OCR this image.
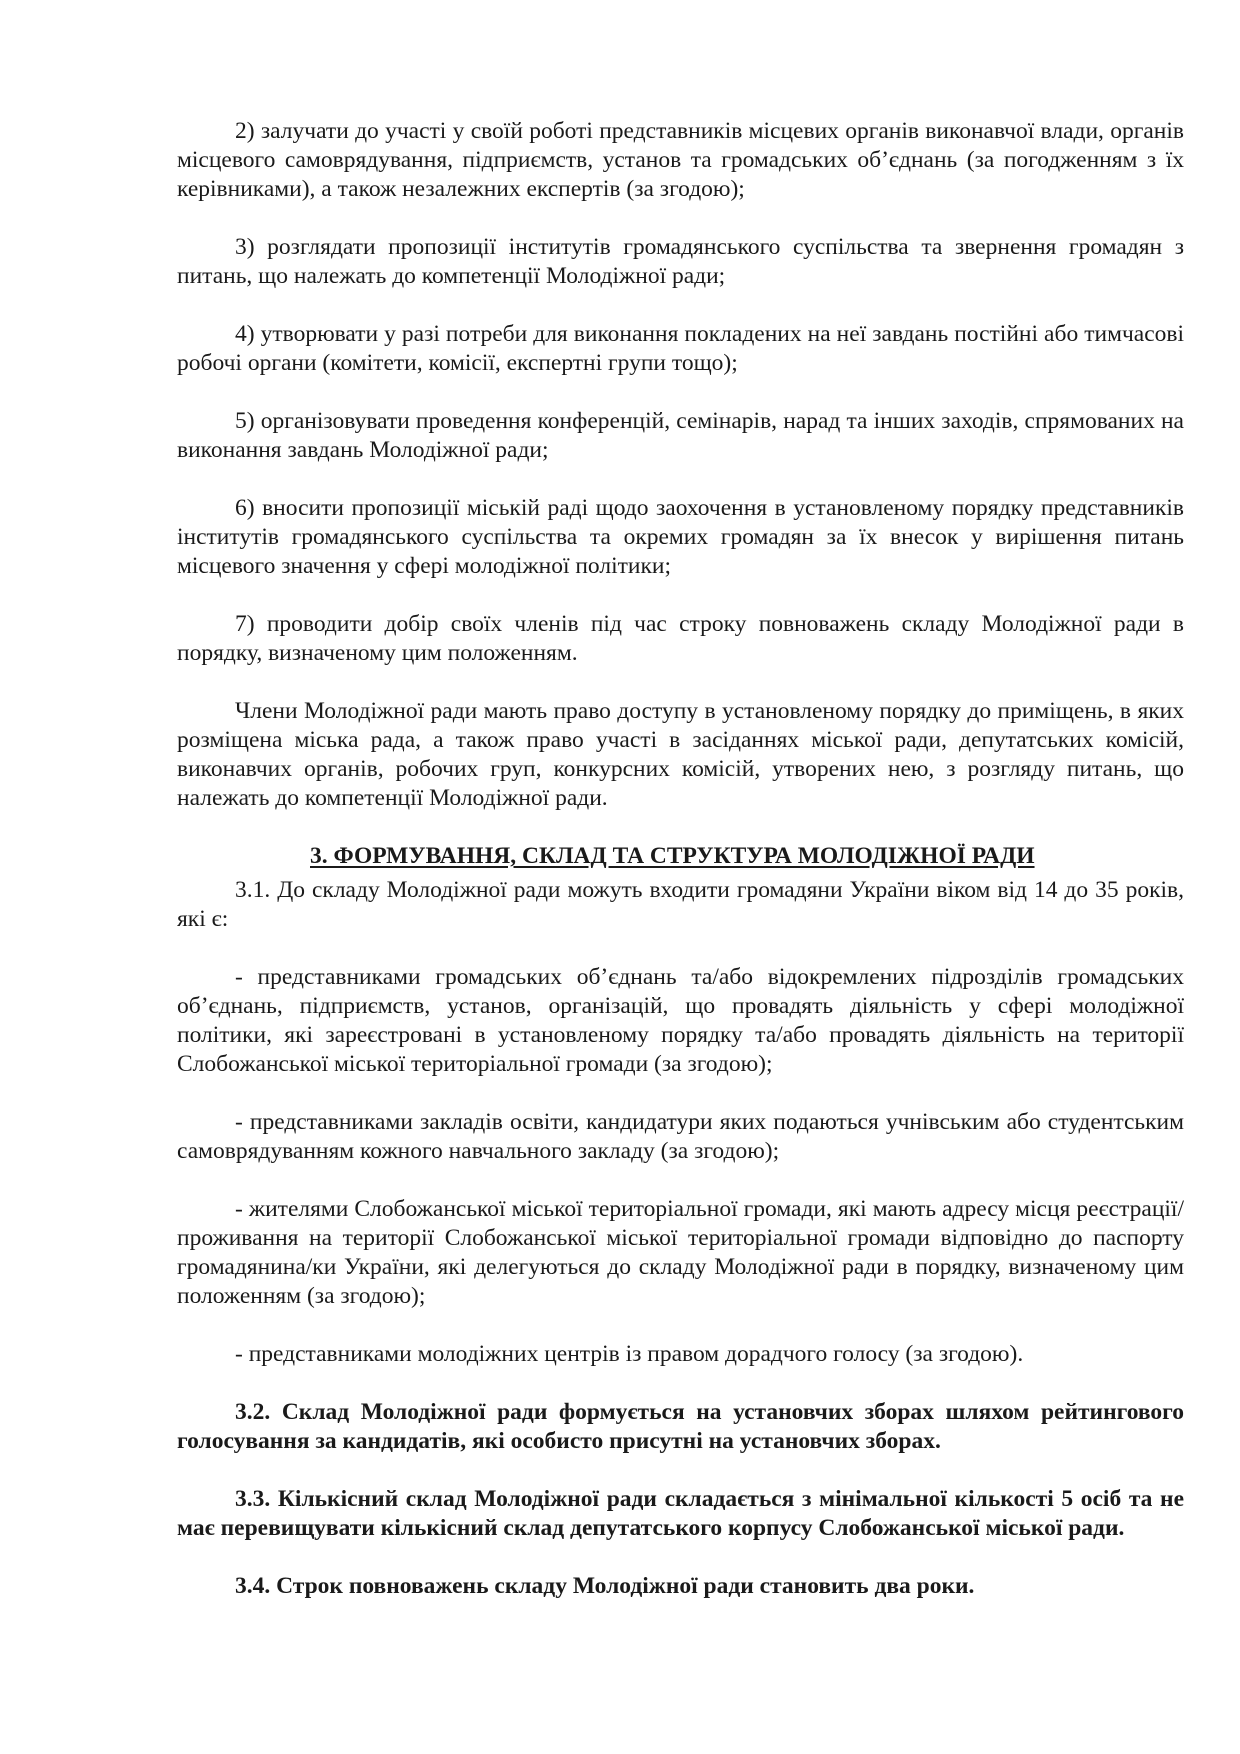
2) залучати до участі у своїй роботі представників місцевих органів виконавчої влади, органів місцевого самоврядування, підприємств, установ та громадських об’єднань (за погодженням з їх керівниками), а також незалежних експертів (за згодою);

3) розглядати пропозиції інститутів громадянського суспільства та звернення громадян з питань, що належать до компетенції Молодіжної ради;

4) утворювати у разі потреби для виконання покладених на неї завдань постійні або тимчасові робочі органи (комітети, комісії, експертні групи тощо);

5) організовувати проведення конференцій, семінарів, нарад та інших заходів, спрямованих на виконання завдань Молодіжної ради;

6) вносити пропозиції міській раді щодо заохочення в установленому порядку представників інститутів громадянського суспільства та окремих громадян за їх внесок у вирішення питань місцевого значення у сфері молодіжної політики;

7) проводити добір своїх членів під час строку повноважень складу Молодіжної ради в порядку, визначеному цим положенням.

Члени Молодіжної ради мають право доступу в установленому порядку до приміщень, в яких розміщена міська рада, а також право участі в засіданнях міської ради, депутатських комісій, виконавчих органів, робочих груп, конкурсних комісій, утворених нею, з розгляду питань, що належать до компетенції Молодіжної ради.

3. ФОРМУВАННЯ, СКЛАД ТА СТРУКТУРА МОЛОДІЖНОЇ РАДИ

3.1. До складу Молодіжної ради можуть входити громадяни України віком від 14 до 35 років, які є:

- представниками громадських об’єднань та/або відокремлених підрозділів громадських об’єднань, підприємств, установ, організацій, що провадять діяльність у сфері молодіжної політики, які зареєстровані в установленому порядку та/або провадять діяльність на території Слобожанської міської територіальної громади (за згодою);

- представниками закладів освіти, кандидатури яких подаються учнівським або студентським самоврядуванням кожного навчального закладу (за згодою);

- жителями Слобожанської міської територіальної громади, які мають адресу місця реєстрації/проживання на території Слобожанської міської територіальної громади відповідно до паспорту громадянина/ки України, які делегуються до складу Молодіжної ради в порядку, визначеному цим положенням (за згодою);

- представниками молодіжних центрів із правом дорадчого голосу (за згодою).

3.2. Склад Молодіжної ради формується на установчих зборах шляхом рейтингового голосування за кандидатів, які особисто присутні на установчих зборах.

3.3. Кількісний склад Молодіжної ради складається з мінімальної кількості 5 осіб та не має перевищувати кількісний склад депутатського корпусу Слобожанської міської ради.

3.4. Строк повноважень складу Молодіжної ради становить два роки.
